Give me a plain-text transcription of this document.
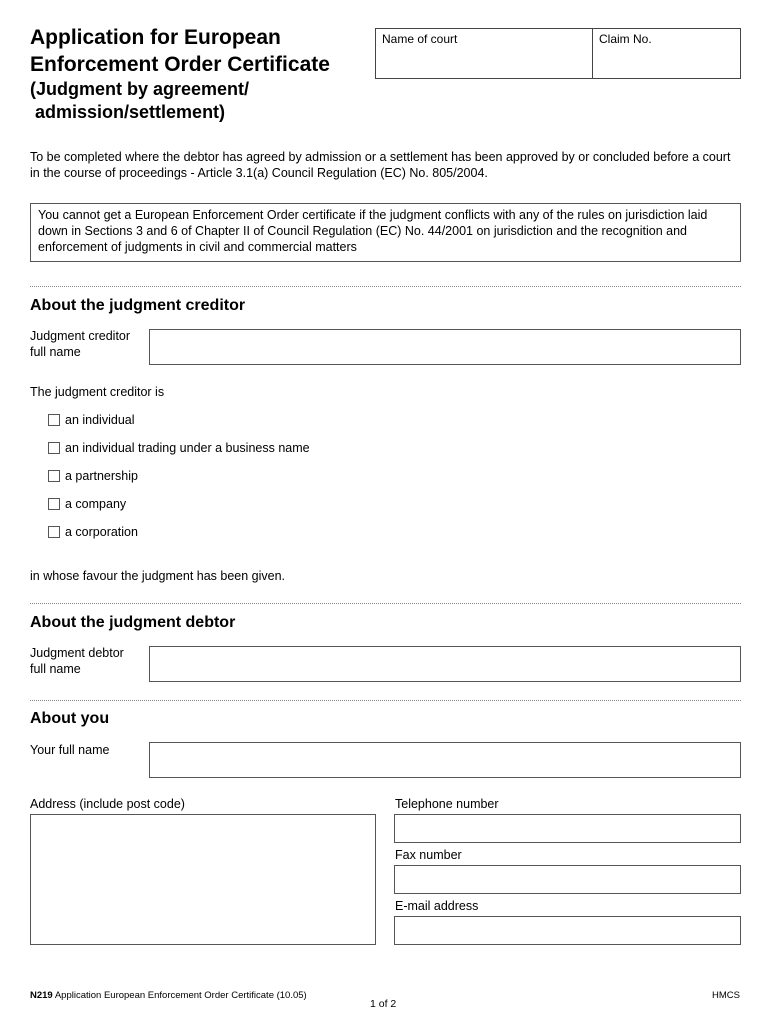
Application for European
Enforcement Order Certificate
(Judgment by agreement/
admission/settlement)
Name of court	Claim No.
To be completed where the debtor has agreed by admission or a settlement has been approved by or concluded before a court in the course of proceedings - Article 3.1(a) Council Regulation (EC) No. 805/2004.
You cannot get a European Enforcement Order certificate if the judgment conflicts with any of the rules on jurisdiction laid down in Sections 3 and 6 of Chapter II of Council Regulation (EC) No. 44/2001 on jurisdiction and the recognition and enforcement of judgments in civil and commercial matters
About the judgment creditor
Judgment creditor
full name
The judgment creditor is
an individual
an individual trading under a business name
a partnership
a company
a corporation
in whose favour the judgment has been given.
About the judgment debtor
Judgment debtor
full name
About you
Your full name
Address (include post code)	Telephone number
Fax number
E-mail address
N219 Application European Enforcement Order Certificate (10.05)
1 of 2
HMCS
